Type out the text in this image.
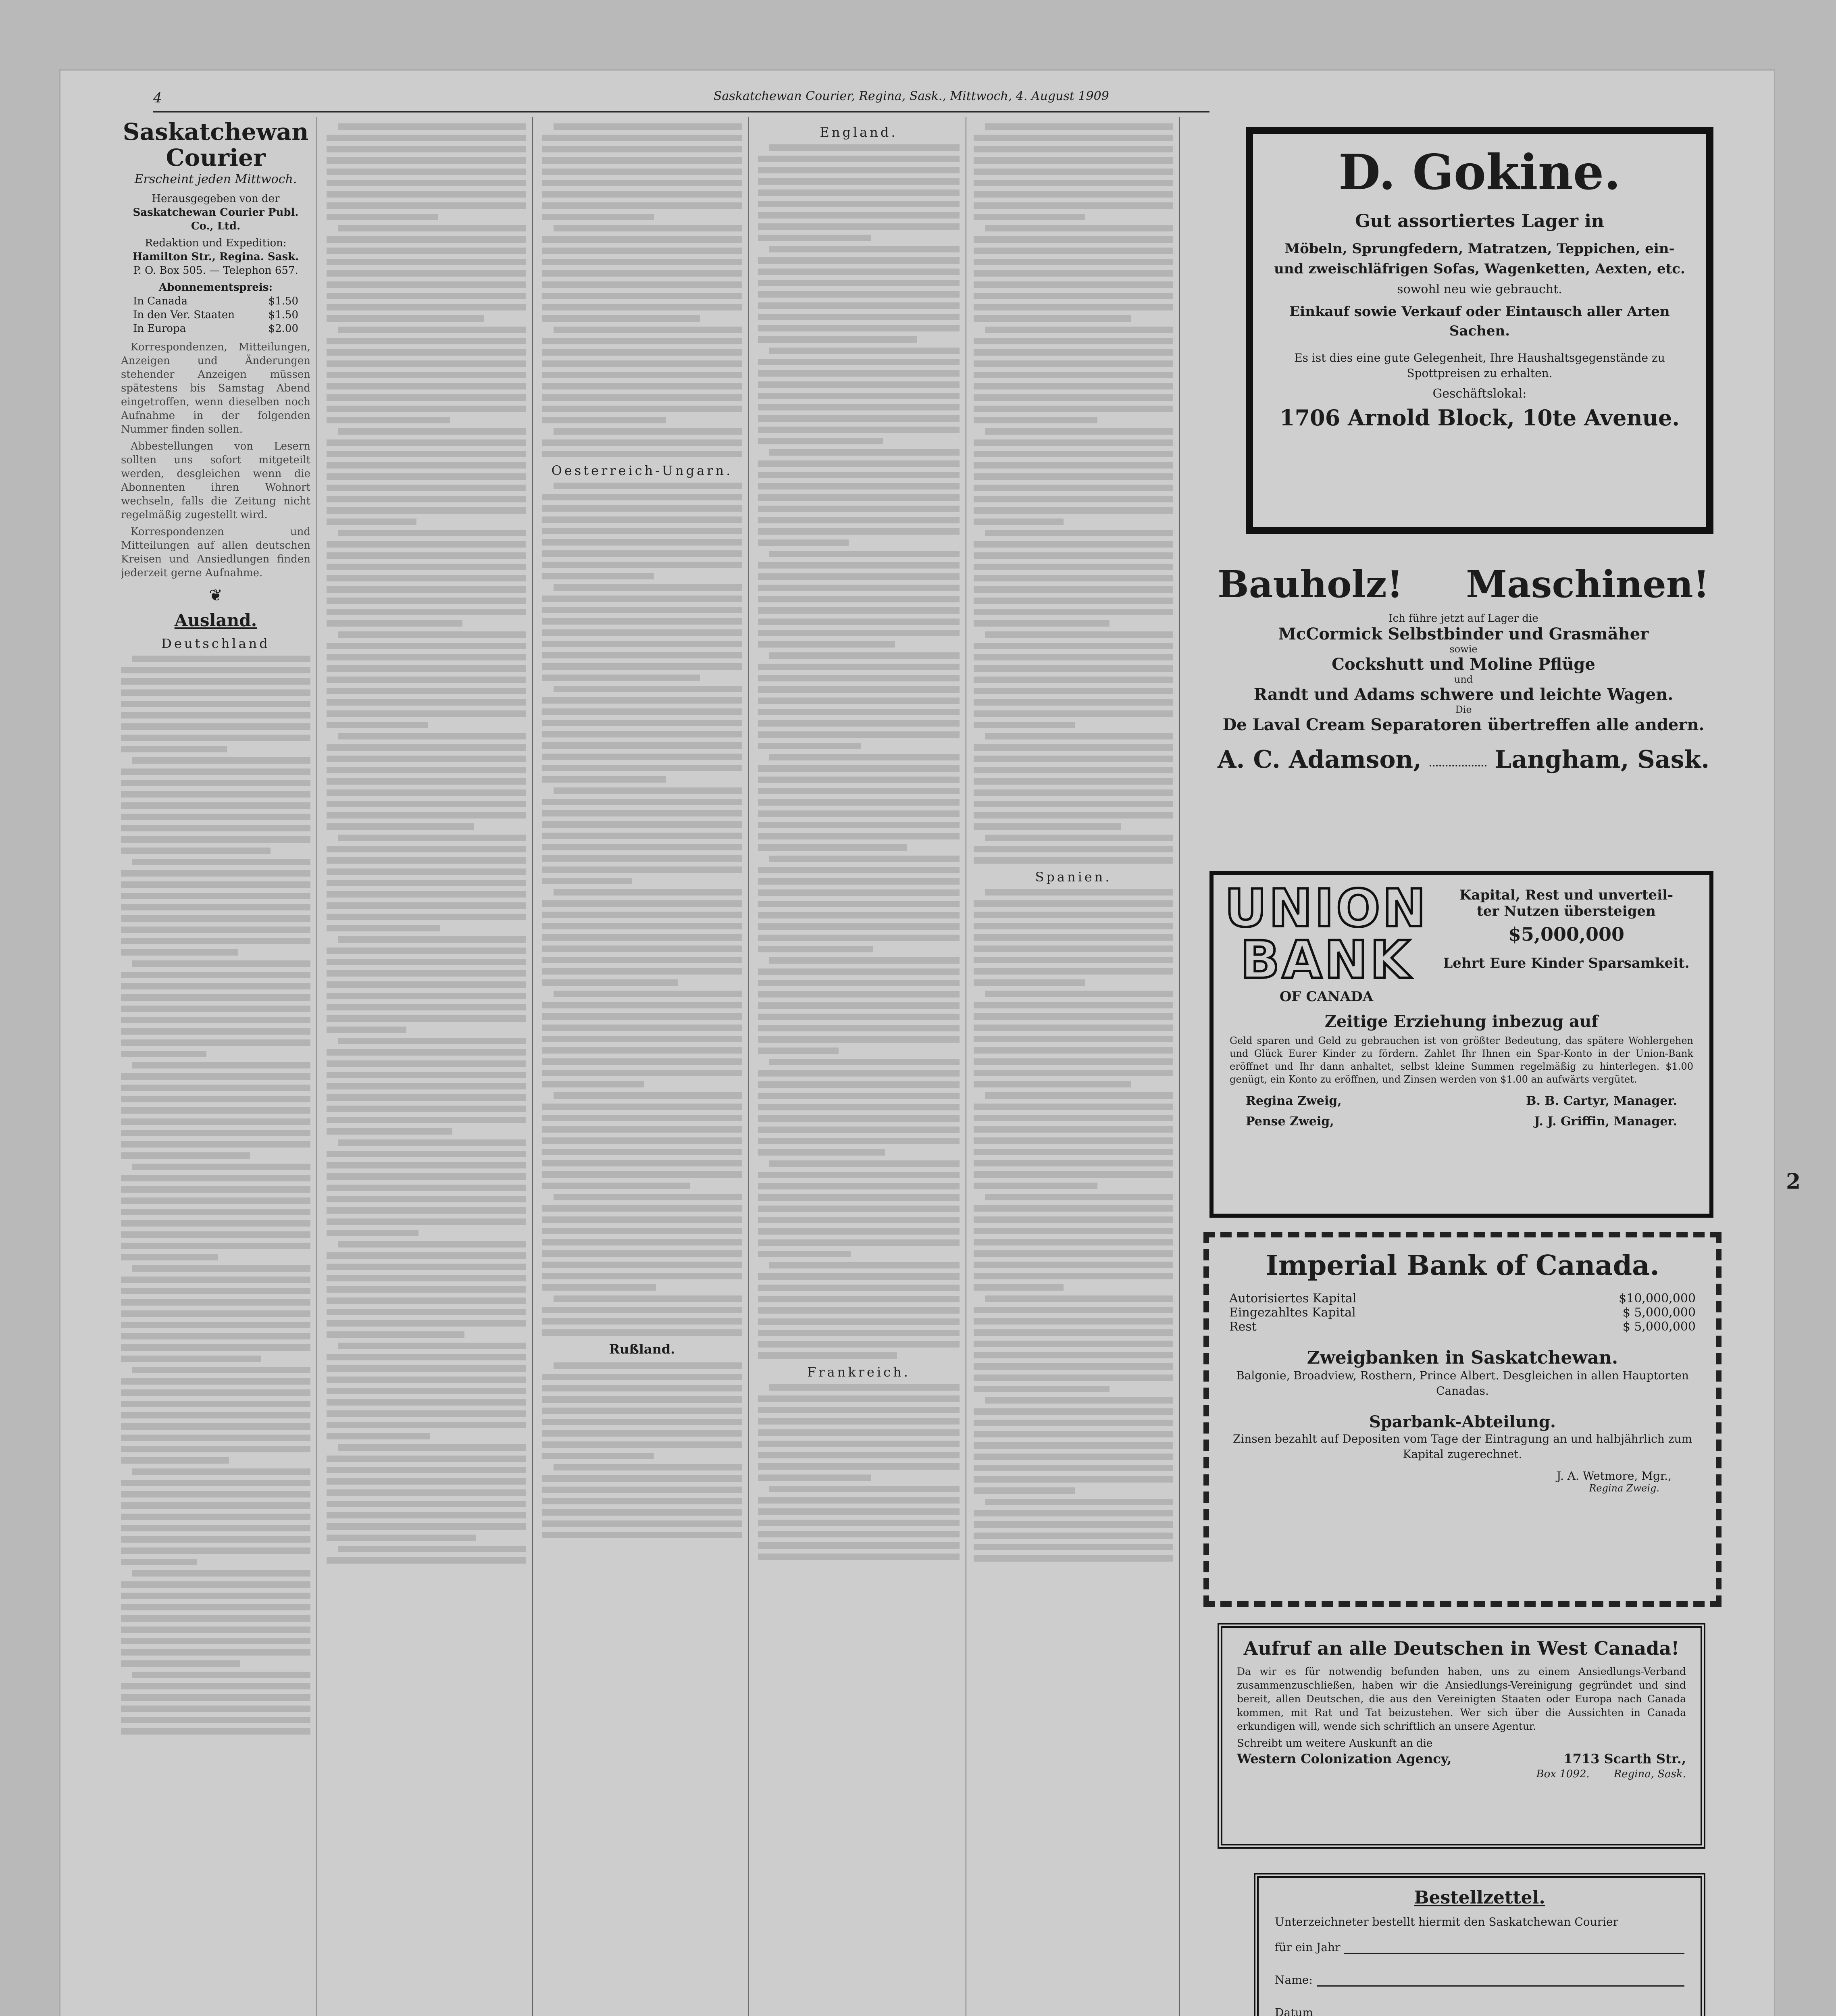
4	Saskatchewan Courier, Regina, Sask., Mittwoch, 4. August 1909
Saskatchewan Courier
Erscheint jeden Mittwoch.
Herausgegeben von der
Saskatchewan Courier Publ. Co., Ltd.
Redaktion und Expedition:
Hamilton Str., Regina. Sask.
P. O. Box 505. — Telephon 657.
Abonnementspreis:
In Canada	$1.50
In den Ver. Staaten	$1.50
In Europa	$2.00

Korrespondenzen, Mitteilungen, Anzeigen und Änderungen stehender Anzeigen müssen spätestens bis Samstag Abend eingetroffen, wenn dieselben noch Aufnahme in der folgenden Nummer finden sollen.

Abbestellungen von Lesern sollten uns sofort mitgeteilt werden, desgleichen wenn die Abonnenten ihren Wohnort wechseln, falls die Zeitung nicht regelmäßig zugestellt wird.

Korrespondenzen und Mitteilungen auf allen deutschen Kreisen und Ansiedlungen finden jederzeit gerne Aufnahme.

❦
Ausland.
Deutschland
Oesterreich-Ungarn.
Rußland.
England.
Frankreich.
Spanien.
D. Gokine.
Gut assortiertes Lager in
Möbeln, Sprungfedern, Matratzen, Teppichen, ein- und zweischläfrigen Sofas, Wagenketten, Aexten, etc.
sowohl neu wie gebraucht.
Einkauf sowie Verkauf oder Eintausch aller Arten Sachen.
Es ist dies eine gute Gelegenheit, Ihre Haushaltsgegenstände zu Spottpreisen zu erhalten.
Geschäftslokal:
1706 Arnold Block, 10te Avenue.
Bauholz! Maschinen!
Ich führe jetzt auf Lager die
McCormick Selbstbinder und Grasmäher
sowie
Cockshutt und Moline Pflüge
und
Randt und Adams schwere und leichte Wagen.
Die
De Laval Cream Separatoren übertreffen alle andern.
A. C. Adamson,	Langham, Sask.
UNION
BANK
OF CANADA
Kapital, Rest und unverteil-
ter Nutzen übersteigen
$5,000,000
Lehrt Eure Kinder Sparsamkeit.
Zeitige Erziehung inbezug auf
Geld sparen und Geld zu gebrauchen ist von größter Bedeutung, das spätere Wohlergehen und Glück Eurer Kinder zu fördern. Zahlet Ihr Ihnen ein Spar-Konto in der Union-Bank eröffnet und Ihr dann anhaltet, selbst kleine Summen regelmäßig zu hinterlegen. $1.00 genügt, ein Konto zu eröffnen, und Zinsen werden von $1.00 an aufwärts vergütet.
Regina Zweig,	B. B. Cartyr, Manager.
Pense Zweig,	J. J. Griffin, Manager.
Imperial Bank of Canada.
Autorisiertes Kapital	$10,000,000
Eingezahltes Kapital	$ 5,000,000
Rest	$ 5,000,000
Zweigbanken in Saskatchewan.
Balgonie, Broadview, Rosthern, Prince Albert. Desgleichen in allen Hauptorten Canadas.
Sparbank-Abteilung.
Zinsen bezahlt auf Depositen vom Tage der Eintragung an und halbjährlich zum Kapital zugerechnet.
J. A. Wetmore, Mgr.,
Regina Zweig.
Aufruf an alle Deutschen in West Canada!
Da wir es für notwendig befunden haben, uns zu einem Ansiedlungs-Verband zusammenzuschließen, haben wir die Ansiedlungs-Vereinigung gegründet und sind bereit, allen Deutschen, die aus den Vereinigten Staaten oder Europa nach Canada kommen, mit Rat und Tat beizustehen. Wer sich über die Aussichten in Canada erkundigen will, wende sich schriftlich an unsere Agentur.
Schreibt um weitere Auskunft an die
Western Colonization Agency,	1713 Scarth Str.,
Box 1092. Regina, Sask.
Bestellzettel.
Unterzeichneter bestellt hiermit den Saskatchewan Courier
für ein Jahr
Name:
Datum
2
